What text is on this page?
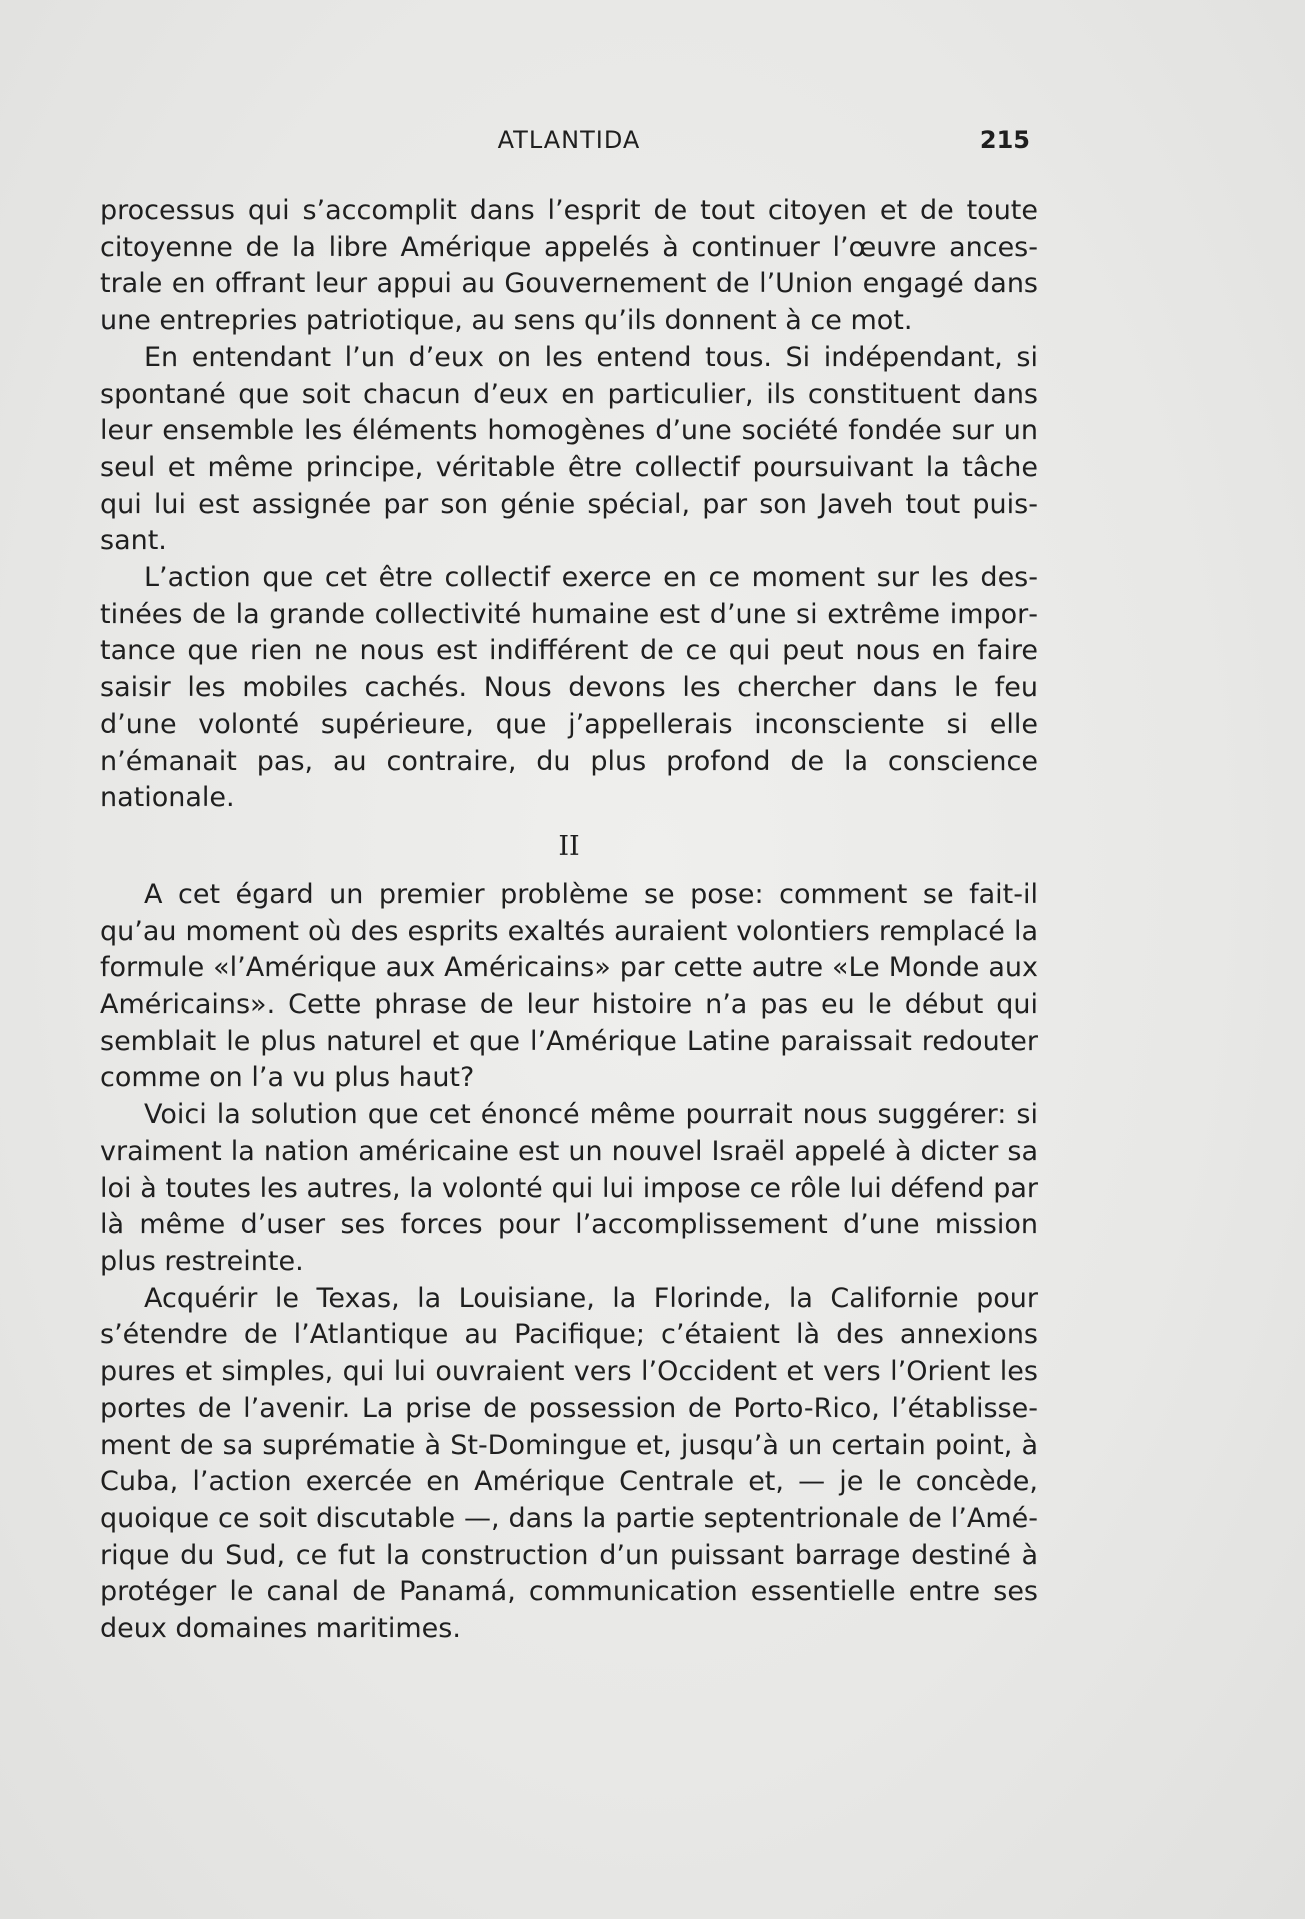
ATLANTIDA	215

processus qui s’accomplit dans l’esprit de tout citoyen et de toute citoyenne de la libre Amérique appelés à continuer l’œuvre ancestrale en offrant leur appui au Gouvernement de l’Union engagé dans une entrepries patriotique, au sens qu’ils donnent à ce mot.

En entendant l’un d’eux on les entend tous. Si indépendant, si spontané que soit chacun d’eux en particulier, ils constituent dans leur ensemble les éléments homogènes d’une société fondée sur un seul et même principe, véritable être collectif poursuivant la tâche qui lui est assignée par son génie spécial, par son Javeh tout puissant.

L’action que cet être collectif exerce en ce moment sur les destinées de la grande collectivité humaine est d’une si extrême importance que rien ne nous est indifférent de ce qui peut nous en faire saisir les mobiles cachés. Nous devons les chercher dans le feu d’une volonté supérieure, que j’appellerais inconsciente si elle n’émanait pas, au contraire, du plus profond de la conscience nationale.

II

A cet égard un premier problème se pose: comment se fait-il qu’au moment où des esprits exaltés auraient volontiers remplacé la formule «l’Amérique aux Américains» par cette autre «Le Monde aux Américains». Cette phrase de leur histoire n’a pas eu le début qui semblait le plus naturel et que l’Amérique Latine paraissait redouter comme on l’a vu plus haut?

Voici la solution que cet énoncé même pourrait nous suggérer: si vraiment la nation américaine est un nouvel Israël appelé à dicter sa loi à toutes les autres, la volonté qui lui impose ce rôle lui défend par là même d’user ses forces pour l’accomplissement d’une mission plus restreinte.

Acquérir le Texas, la Louisiane, la Florinde, la Californie pour s’étendre de l’Atlantique au Pacifique; c’étaient là des annexions pures et simples, qui lui ouvraient vers l’Occident et vers l’Orient les portes de l’avenir. La prise de possession de Porto-Rico, l’établissement de sa suprématie à St-Domingue et, jusqu’à un certain point, à Cuba, l’action exercée en Amérique Centrale et, — je le concède, quoique ce soit discutable —, dans la partie septentrionale de l’Amérique du Sud, ce fut la construction d’un puissant barrage destiné à protéger le canal de Panamá, communication essentielle entre ses deux domaines maritimes.
